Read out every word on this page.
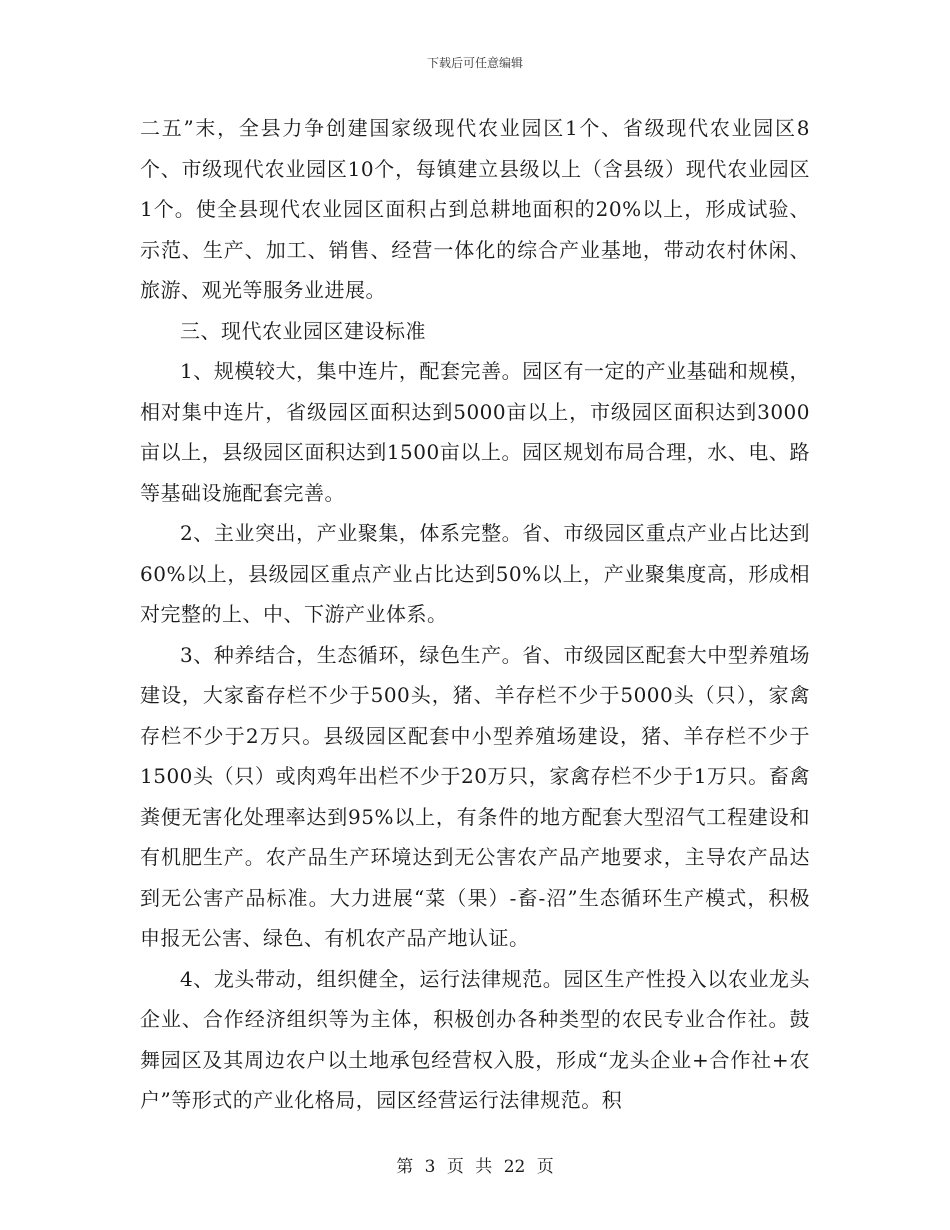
下载后可任意编辑

二五”末，全县力争创建国家级现代农业园区1个、省级现代农业园区8个、市级现代农业园区10个，每镇建立县级以上（含县级）现代农业园区1个。使全县现代农业园区面积占到总耕地面积的20%以上，形成试验、示范、生产、加工、销售、经营一体化的综合产业基地，带动农村休闲、旅游、观光等服务业进展。

三、现代农业园区建设标准

1、规模较大，集中连片，配套完善。园区有一定的产业基础和规模，相对集中连片，省级园区面积达到5000亩以上，市级园区面积达到3000亩以上，县级园区面积达到1500亩以上。园区规划布局合理，水、电、路等基础设施配套完善。

2、主业突出，产业聚集，体系完整。省、市级园区重点产业占比达到60%以上，县级园区重点产业占比达到50%以上，产业聚集度高，形成相对完整的上、中、下游产业体系。

3、种养结合，生态循环，绿色生产。省、市级园区配套大中型养殖场建设，大家畜存栏不少于500头，猪、羊存栏不少于5000头（只），家禽存栏不少于2万只。县级园区配套中小型养殖场建设，猪、羊存栏不少于1500头（只）或肉鸡年出栏不少于20万只，家禽存栏不少于1万只。畜禽粪便无害化处理率达到95%以上，有条件的地方配套大型沼气工程建设和有机肥生产。农产品生产环境达到无公害农产品产地要求，主导农产品达到无公害产品标准。大力进展“菜（果）-畜-沼”生态循环生产模式，积极申报无公害、绿色、有机农产品产地认证。

4、龙头带动，组织健全，运行法律规范。园区生产性投入以农业龙头企业、合作经济组织等为主体，积极创办各种类型的农民专业合作社。鼓舞园区及其周边农户以土地承包经营权入股，形成“龙头企业+合作社+农户”等形式的产业化格局，园区经营运行法律规范。积

第 3 页 共 22 页
